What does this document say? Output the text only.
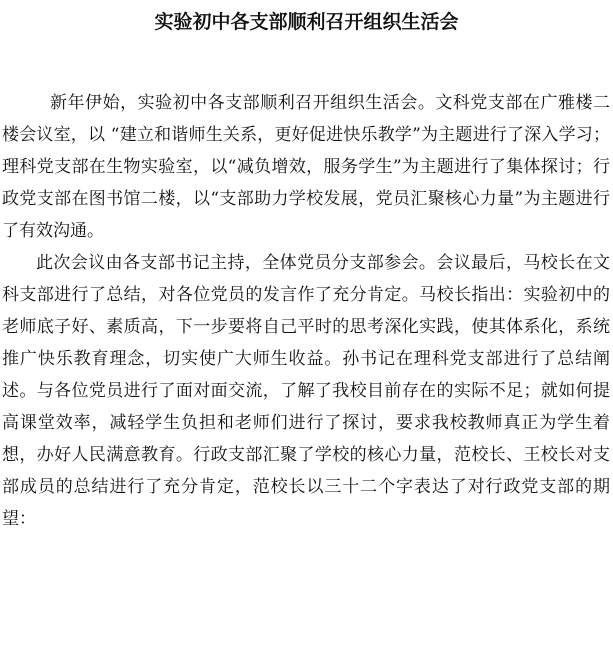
实验初中各支部顺利召开组织生活会

新年伊始，实验初中各支部顺利召开组织生活会。文科党支部在广雅楼二楼会议室，以 “建立和谐师生关系，更好促进快乐教学”为主题进行了深入学习；理科党支部在生物实验室，以“减负增效，服务学生”为主题进行了集体探讨；行政党支部在图书馆二楼，以“支部助力学校发展，党员汇聚核心力量”为主题进行了有效沟通。

此次会议由各支部书记主持，全体党员分支部参会。会议最后，马校长在文科支部进行了总结，对各位党员的发言作了充分肯定。马校长指出：实验初中的老师底子好、素质高，下一步要将自己平时的思考深化实践，使其体系化，系统推广快乐教育理念，切实使广大师生收益。孙书记在理科党支部进行了总结阐述。与各位党员进行了面对面交流，了解了我校目前存在的实际不足；就如何提高课堂效率，减轻学生负担和老师们进行了探讨，要求我校教师真正为学生着想，办好人民满意教育。行政支部汇聚了学校的核心力量，范校长、王校长对支部成员的总结进行了充分肯定，范校长以三十二个字表达了对行政党支部的期望：
